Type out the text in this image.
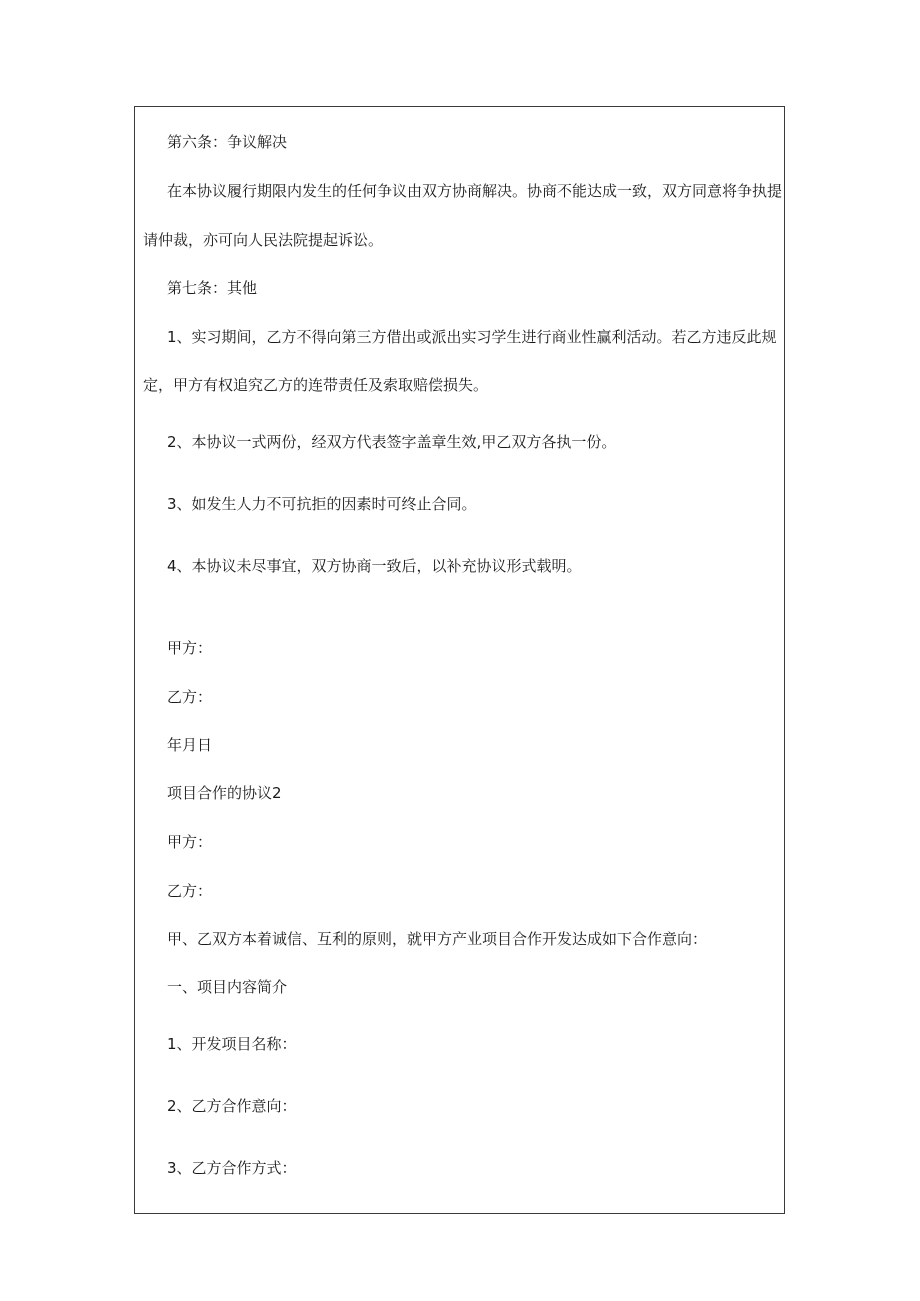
第六条：争议解决
在本协议履行期限内发生的任何争议由双方协商解决。协商不能达成一致，双方同意将争执提
请仲裁，亦可向人民法院提起诉讼。
第七条：其他
1、实习期间，乙方不得向第三方借出或派出实习学生进行商业性赢利活动。若乙方违反此规
定，甲方有权追究乙方的连带责任及索取赔偿损失。
2、本协议一式两份，经双方代表签字盖章生效,甲乙双方各执一份。
3、如发生人力不可抗拒的因素时可终止合同。
4、本协议未尽事宜，双方协商一致后，以补充协议形式载明。
甲方：
乙方：
年月日
项目合作的协议2
甲方：
乙方：
甲、乙双方本着诚信、互利的原则，就甲方产业项目合作开发达成如下合作意向：
一、项目内容简介
1、开发项目名称：
2、乙方合作意向：
3、乙方合作方式：
